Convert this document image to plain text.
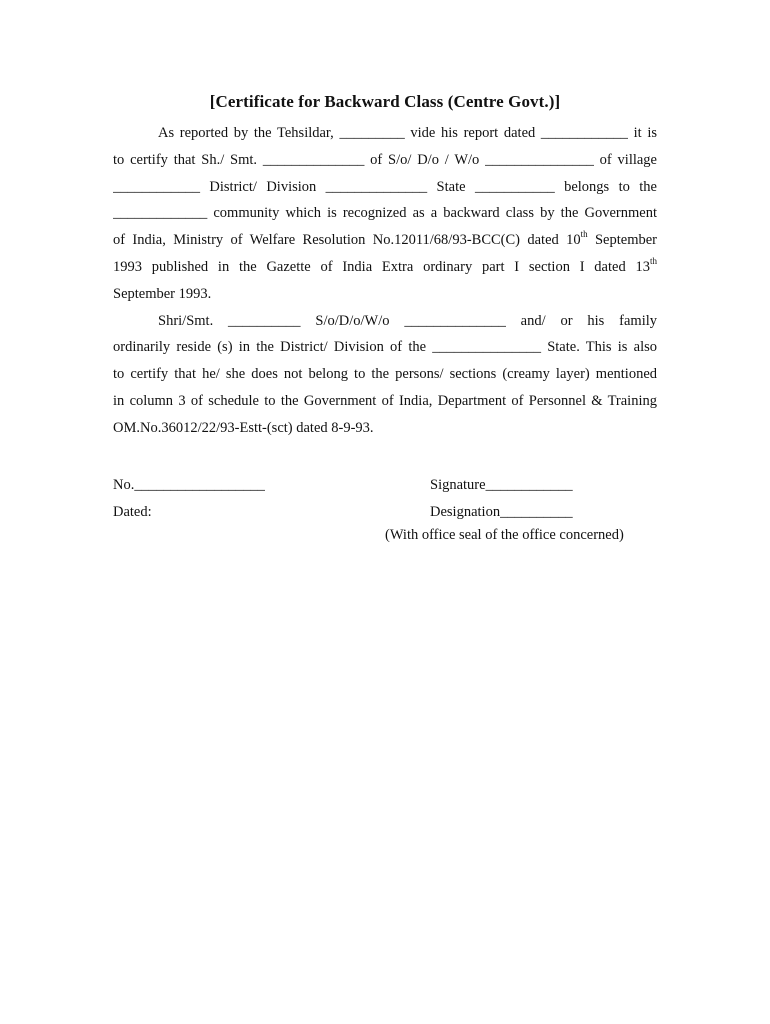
[Certificate for Backward Class (Centre Govt.)]
As reported by the Tehsildar, _________ vide his report dated ____________ it is
to certify that Sh./ Smt. ______________ of S/o/ D/o / W/o _______________ of village
____________ District/ Division ______________ State ___________ belongs to the
_____________ community which is recognized as a backward class by the Government
of India, Ministry of Welfare Resolution No.12011/68/93-BCC(C) dated 10th September
1993 published in the Gazette of India Extra ordinary part I section I dated 13th
September 1993.
Shri/Smt. __________ S/o/D/o/W/o ______________ and/ or his family
ordinarily reside (s) in the District/ Division of the _______________ State. This is also
to certify that he/ she does not belong to the persons/ sections (creamy layer) mentioned
in column 3 of schedule to the Government of India, Department of Personnel & Training
OM.No.36012/22/93-Estt-(sct) dated 8-9-93.
No.__________________
Dated:
Signature____________
Designation__________
(With office seal of the office concerned)
